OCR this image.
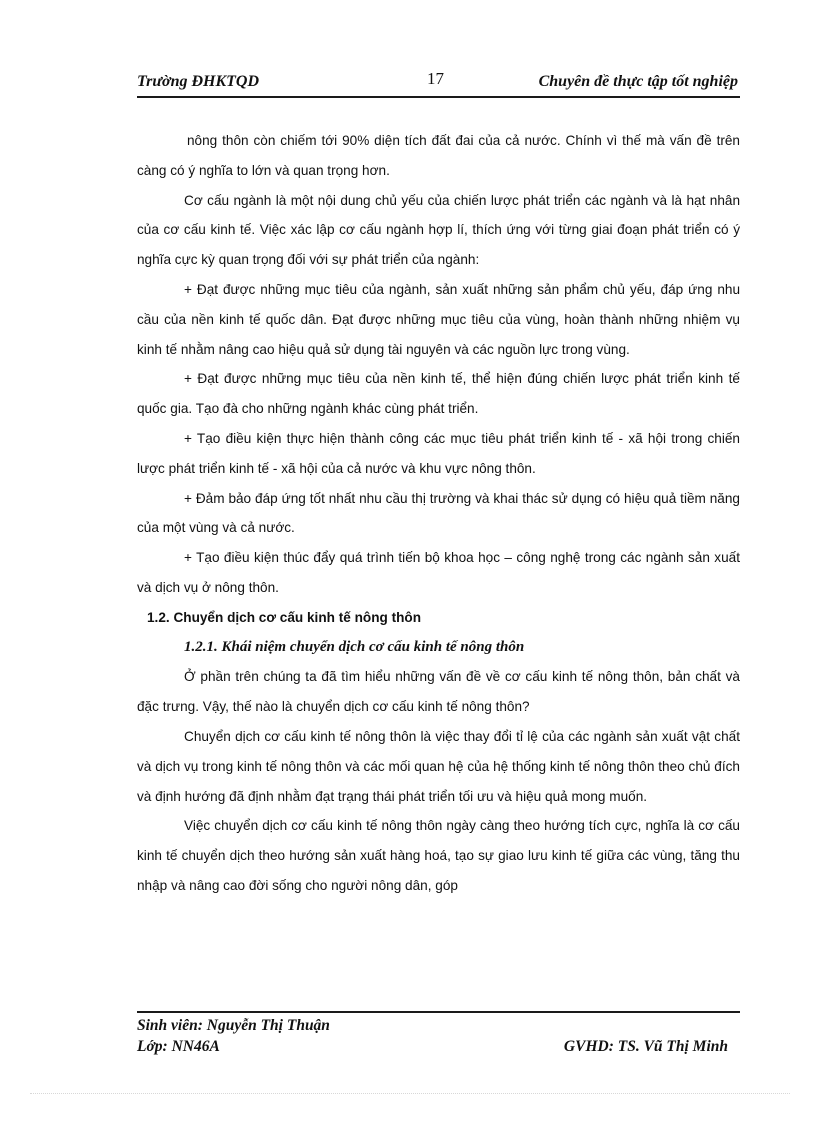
Trường ĐHKTQD	17	Chuyên đề thực tập tốt nghiệp

nông thôn còn chiếm tới 90% diện tích đất đai của cả nước. Chính vì thế mà vấn đề trên càng có ý nghĩa to lớn và quan trọng hơn.

Cơ cấu ngành là một nội dung chủ yếu của chiến lược phát triển các ngành và là hạt nhân của cơ cấu kinh tế. Việc xác lập cơ cấu ngành hợp lí, thích ứng với từng giai đoạn phát triển có ý nghĩa cực kỳ quan trọng đối với sự phát triển của ngành:

+ Đạt được những mục tiêu của ngành, sản xuất những sản phẩm chủ yếu, đáp ứng nhu cầu của nền kinh tế quốc dân. Đạt được những mục tiêu của vùng, hoàn thành những nhiệm vụ kinh tế nhằm nâng cao hiệu quả sử dụng tài nguyên và các nguồn lực trong vùng.

+ Đạt được những mục tiêu của nền kinh tế, thể hiện đúng chiến lược phát triển kinh tế quốc gia. Tạo đà cho những ngành khác cùng phát triển.

+ Tạo điều kiện thực hiện thành công các mục tiêu phát triển kinh tế - xã hội trong chiến lược phát triển kinh tế - xã hội của cả nước và khu vực nông thôn.

+ Đảm bảo đáp ứng tốt nhất nhu cầu thị trường và khai thác sử dụng có hiệu quả tiềm năng của một vùng và cả nước.

+ Tạo điều kiện thúc đẩy quá trình tiến bộ khoa học – công nghệ trong các ngành sản xuất và dịch vụ ở nông thôn.

1.2. Chuyển dịch cơ cấu kinh tế nông thôn

1.2.1. Khái niệm chuyển dịch cơ cấu kinh tế nông thôn

Ở phần trên chúng ta đã tìm hiểu những vấn đề về cơ cấu kinh tế nông thôn, bản chất và đặc trưng. Vậy, thế nào là chuyển dịch cơ cấu kinh tế nông thôn?

Chuyển dịch cơ cấu kinh tế nông thôn là việc thay đổi tỉ lệ của các ngành sản xuất vật chất và dịch vụ trong kinh tế nông thôn và các mối quan hệ của hệ thống kinh tế nông thôn theo chủ đích và định hướng đã định nhằm đạt trạng thái phát triển tối ưu và hiệu quả mong muốn.

Việc chuyển dịch cơ cấu kinh tế nông thôn ngày càng theo hướng tích cực, nghĩa là cơ cấu kinh tế chuyển dịch theo hướng sản xuất hàng hoá, tạo sự giao lưu kinh tế giữa các vùng, tăng thu nhập và nâng cao đời sống cho người nông dân, góp

Sinh viên: Nguyễn Thị Thuận
Lớp: NN46A	GVHD: TS. Vũ Thị Minh
